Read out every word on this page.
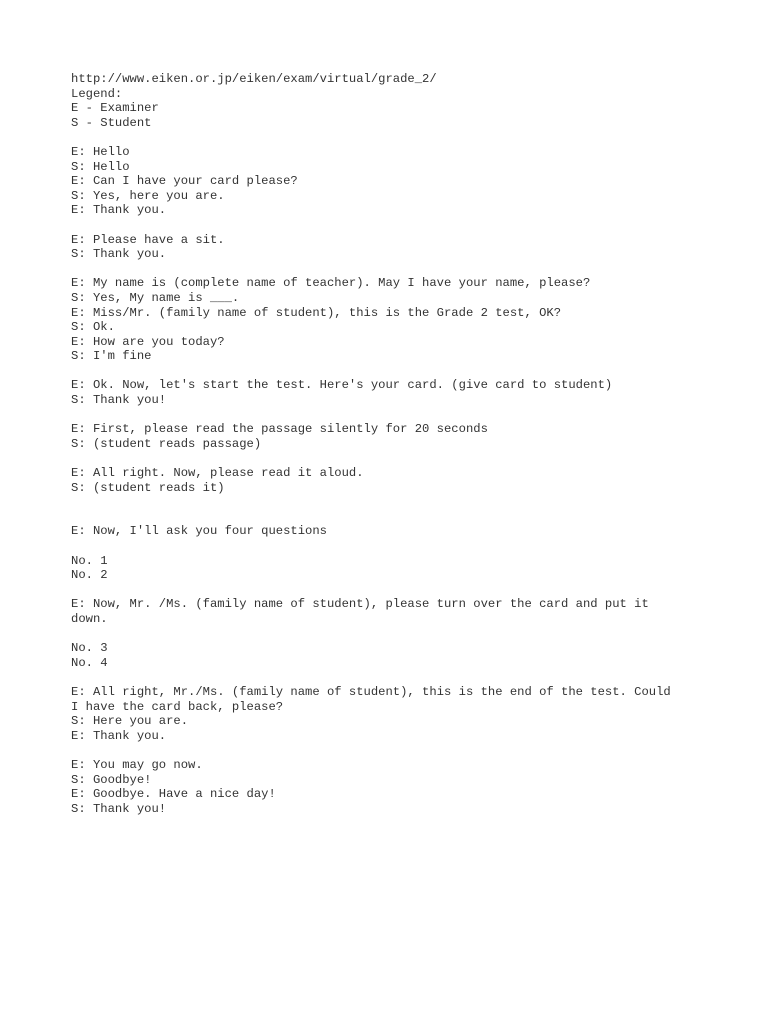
http://www.eiken.or.jp/eiken/exam/virtual/grade_2/
Legend:
E - Examiner
S - Student
E: Hello
S: Hello
E: Can I have your card please?
S: Yes, here you are.
E: Thank you.
E: Please have a sit.
S: Thank you.
E: My name is (complete name of teacher). May I have your name, please?
S: Yes, My name is ___.
E: Miss/Mr. (family name of student), this is the Grade 2 test, OK?
S: Ok.
E: How are you today?
S: I'm fine
E: Ok. Now, let's start the test. Here's your card. (give card to student)
S: Thank you!
E: First, please read the passage silently for 20 seconds
S: (student reads passage)
E: All right. Now, please read it aloud.
S: (student reads it)
E: Now, I'll ask you four questions
No. 1
No. 2
E: Now, Mr. /Ms. (family name of student), please turn over the card and put it
down.
No. 3
No. 4
E: All right, Mr./Ms. (family name of student), this is the end of the test. Could
I have the card back, please?
S: Here you are.
E: Thank you.
E: You may go now.
S: Goodbye!
E: Goodbye. Have a nice day!
S: Thank you!
